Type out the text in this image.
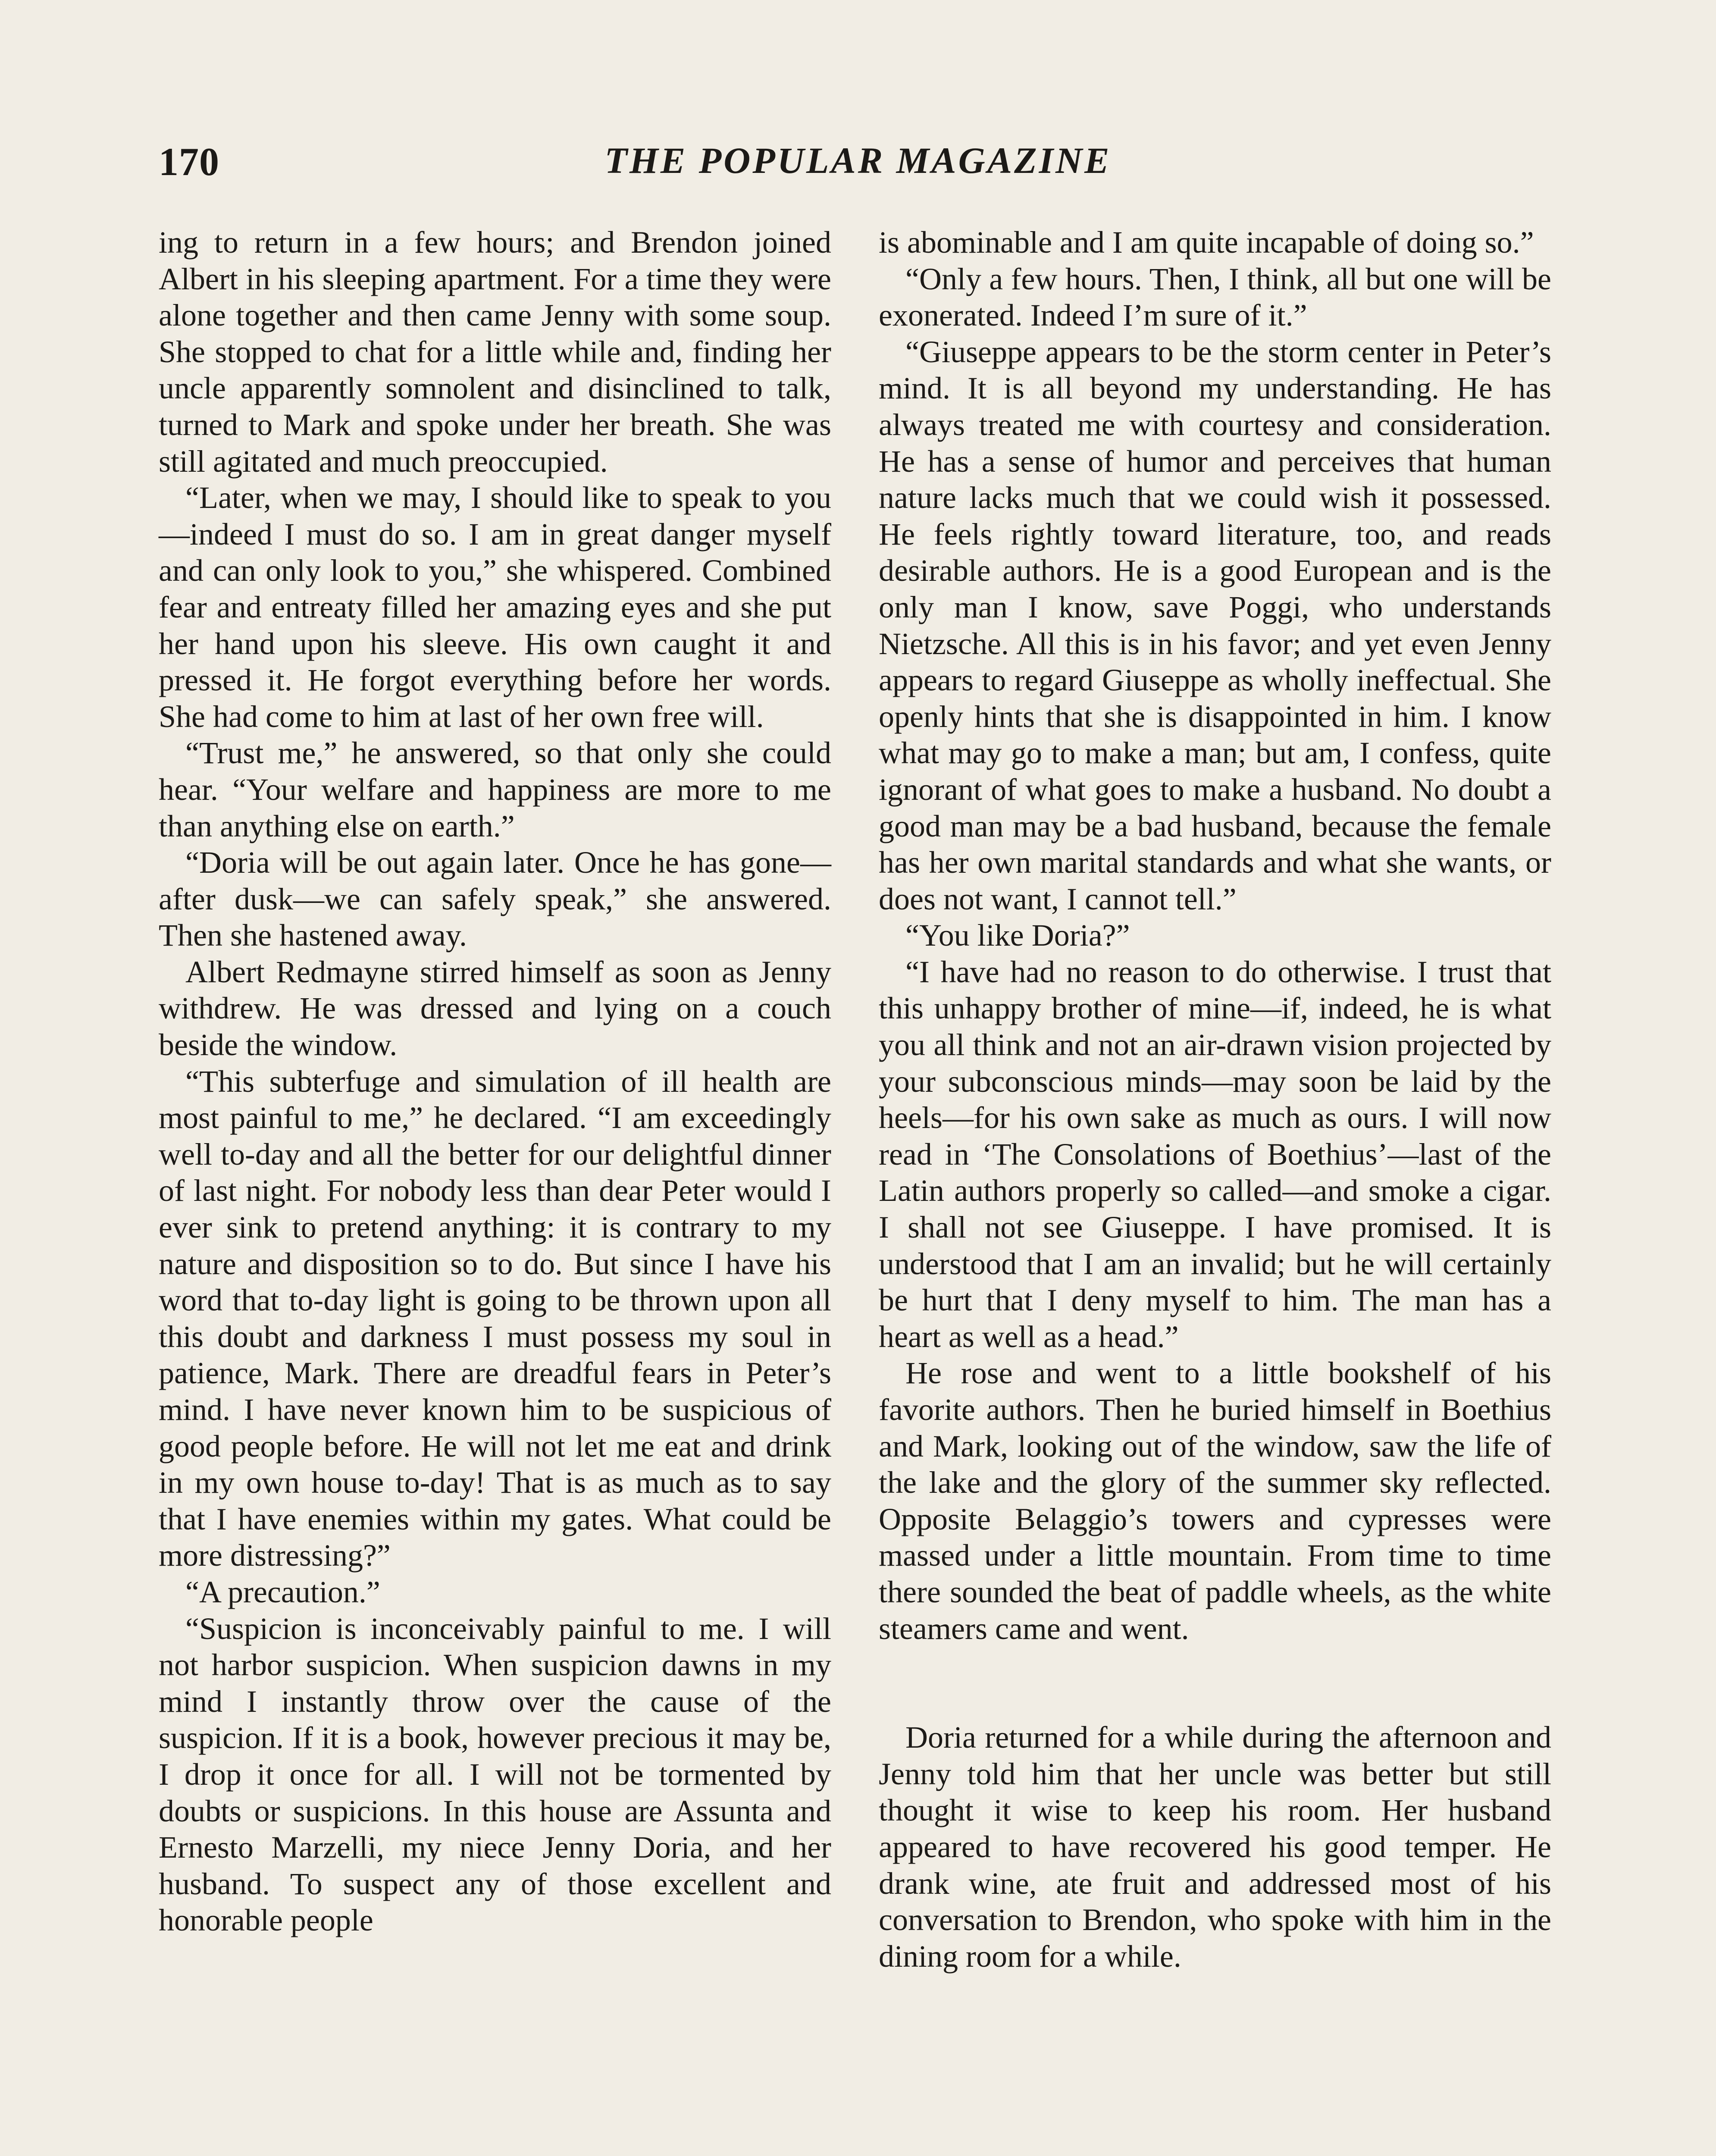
170	THE POPULAR MAGAZINE

ing to return in a few hours; and Brendon joined Albert in his sleeping apartment. For a time they were alone together and then came Jenny with some soup. She stopped to chat for a little while and, finding her uncle apparently somnolent and disinclined to talk, turned to Mark and spoke under her breath. She was still agitated and much preoccupied.

“Later, when we may, I should like to speak to you—indeed I must do so. I am in great danger myself and can only look to you,” she whispered. Combined fear and entreaty filled her amazing eyes and she put her hand upon his sleeve. His own caught it and pressed it. He forgot everything before her words. She had come to him at last of her own free will.

“Trust me,” he answered, so that only she could hear. “Your welfare and happiness are more to me than anything else on earth.”

“Doria will be out again later. Once he has gone—after dusk—we can safely speak,” she answered. Then she hastened away.

Albert Redmayne stirred himself as soon as Jenny withdrew. He was dressed and lying on a couch beside the window.

“This subterfuge and simulation of ill health are most painful to me,” he declared. “I am exceedingly well to-day and all the better for our delightful dinner of last night. For nobody less than dear Peter would I ever sink to pretend anything: it is contrary to my nature and disposition so to do. But since I have his word that to-day light is going to be thrown upon all this doubt and darkness I must possess my soul in patience, Mark. There are dreadful fears in Peter’s mind. I have never known him to be suspicious of good people before. He will not let me eat and drink in my own house to-day! That is as much as to say that I have enemies within my gates. What could be more distressing?”

“A precaution.”

“Suspicion is inconceivably painful to me. I will not harbor suspicion. When suspicion dawns in my mind I instantly throw over the cause of the suspicion. If it is a book, however precious it may be, I drop it once for all. I will not be tormented by doubts or suspicions. In this house are Assunta and Ernesto Marzelli, my niece Jenny Doria, and her husband. To suspect any of those excellent and honorable people

is abominable and I am quite incapable of doing so.”

“Only a few hours. Then, I think, all but one will be exonerated. Indeed I’m sure of it.”

“Giuseppe appears to be the storm center in Peter’s mind. It is all beyond my understanding. He has always treated me with courtesy and consideration. He has a sense of humor and perceives that human nature lacks much that we could wish it possessed. He feels rightly toward literature, too, and reads desirable authors. He is a good European and is the only man I know, save Poggi, who understands Nietzsche. All this is in his favor; and yet even Jenny appears to regard Giuseppe as wholly ineffectual. She openly hints that she is disappointed in him. I know what may go to make a man; but am, I confess, quite ignorant of what goes to make a husband. No doubt a good man may be a bad husband, because the female has her own marital standards and what she wants, or does not want, I cannot tell.”

“You like Doria?”

“I have had no reason to do otherwise. I trust that this unhappy brother of mine—if, indeed, he is what you all think and not an air-drawn vision projected by your subconscious minds—may soon be laid by the heels—for his own sake as much as ours. I will now read in ‘The Consolations of Boethius’—last of the Latin authors properly so called—and smoke a cigar. I shall not see Giuseppe. I have promised. It is understood that I am an invalid; but he will certainly be hurt that I deny myself to him. The man has a heart as well as a head.”

He rose and went to a little bookshelf of his favorite authors. Then he buried himself in Boethius and Mark, looking out of the window, saw the life of the lake and the glory of the summer sky reflected. Opposite Belaggio’s towers and cypresses were massed under a little mountain. From time to time there sounded the beat of paddle wheels, as the white steamers came and went.

Doria returned for a while during the afternoon and Jenny told him that her uncle was better but still thought it wise to keep his room. Her husband appeared to have recovered his good temper. He drank wine, ate fruit and addressed most of his conversation to Brendon, who spoke with him in the dining room for a while.
